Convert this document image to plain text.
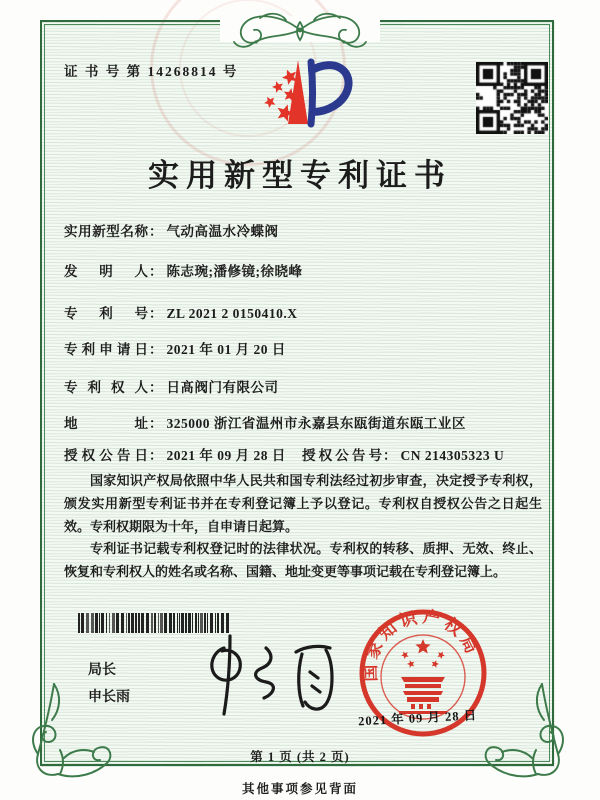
证 书 号 第 14268814 号
实用新型专利证书
实用新型名称： 气动高温水冷蝶阀
发明人： 陈志琬;潘修镜;徐晓峰
专利号： ZL 2021 2 0150410.X
专利申请日： 2021 年 01 月 20 日
专利权人： 日髙阀门有限公司
地址： 325000 浙江省温州市永嘉县东瓯街道东瓯工业区
授权公告日： 2021 年 09 月 28 日 授权公告号： CN 214305323 U

国家知识产权局依照中华人民共和国专利法经过初步审查，决定授予专利权，颁发实用新型专利证书并在专利登记簿上予以登记。专利权自授权公告之日起生效。专利权期限为十年，自申请日起算。

专利证书记载专利权登记时的法律状况。专利权的转移、质押、无效、终止、恢复和专利权人的姓名或名称、国籍、地址变更等事项记载在专利登记簿上。

局长
申长雨
国家知识产权局
2021 年 09 月 28 日
第 1 页 (共 2 页)
其他事项参见背面
